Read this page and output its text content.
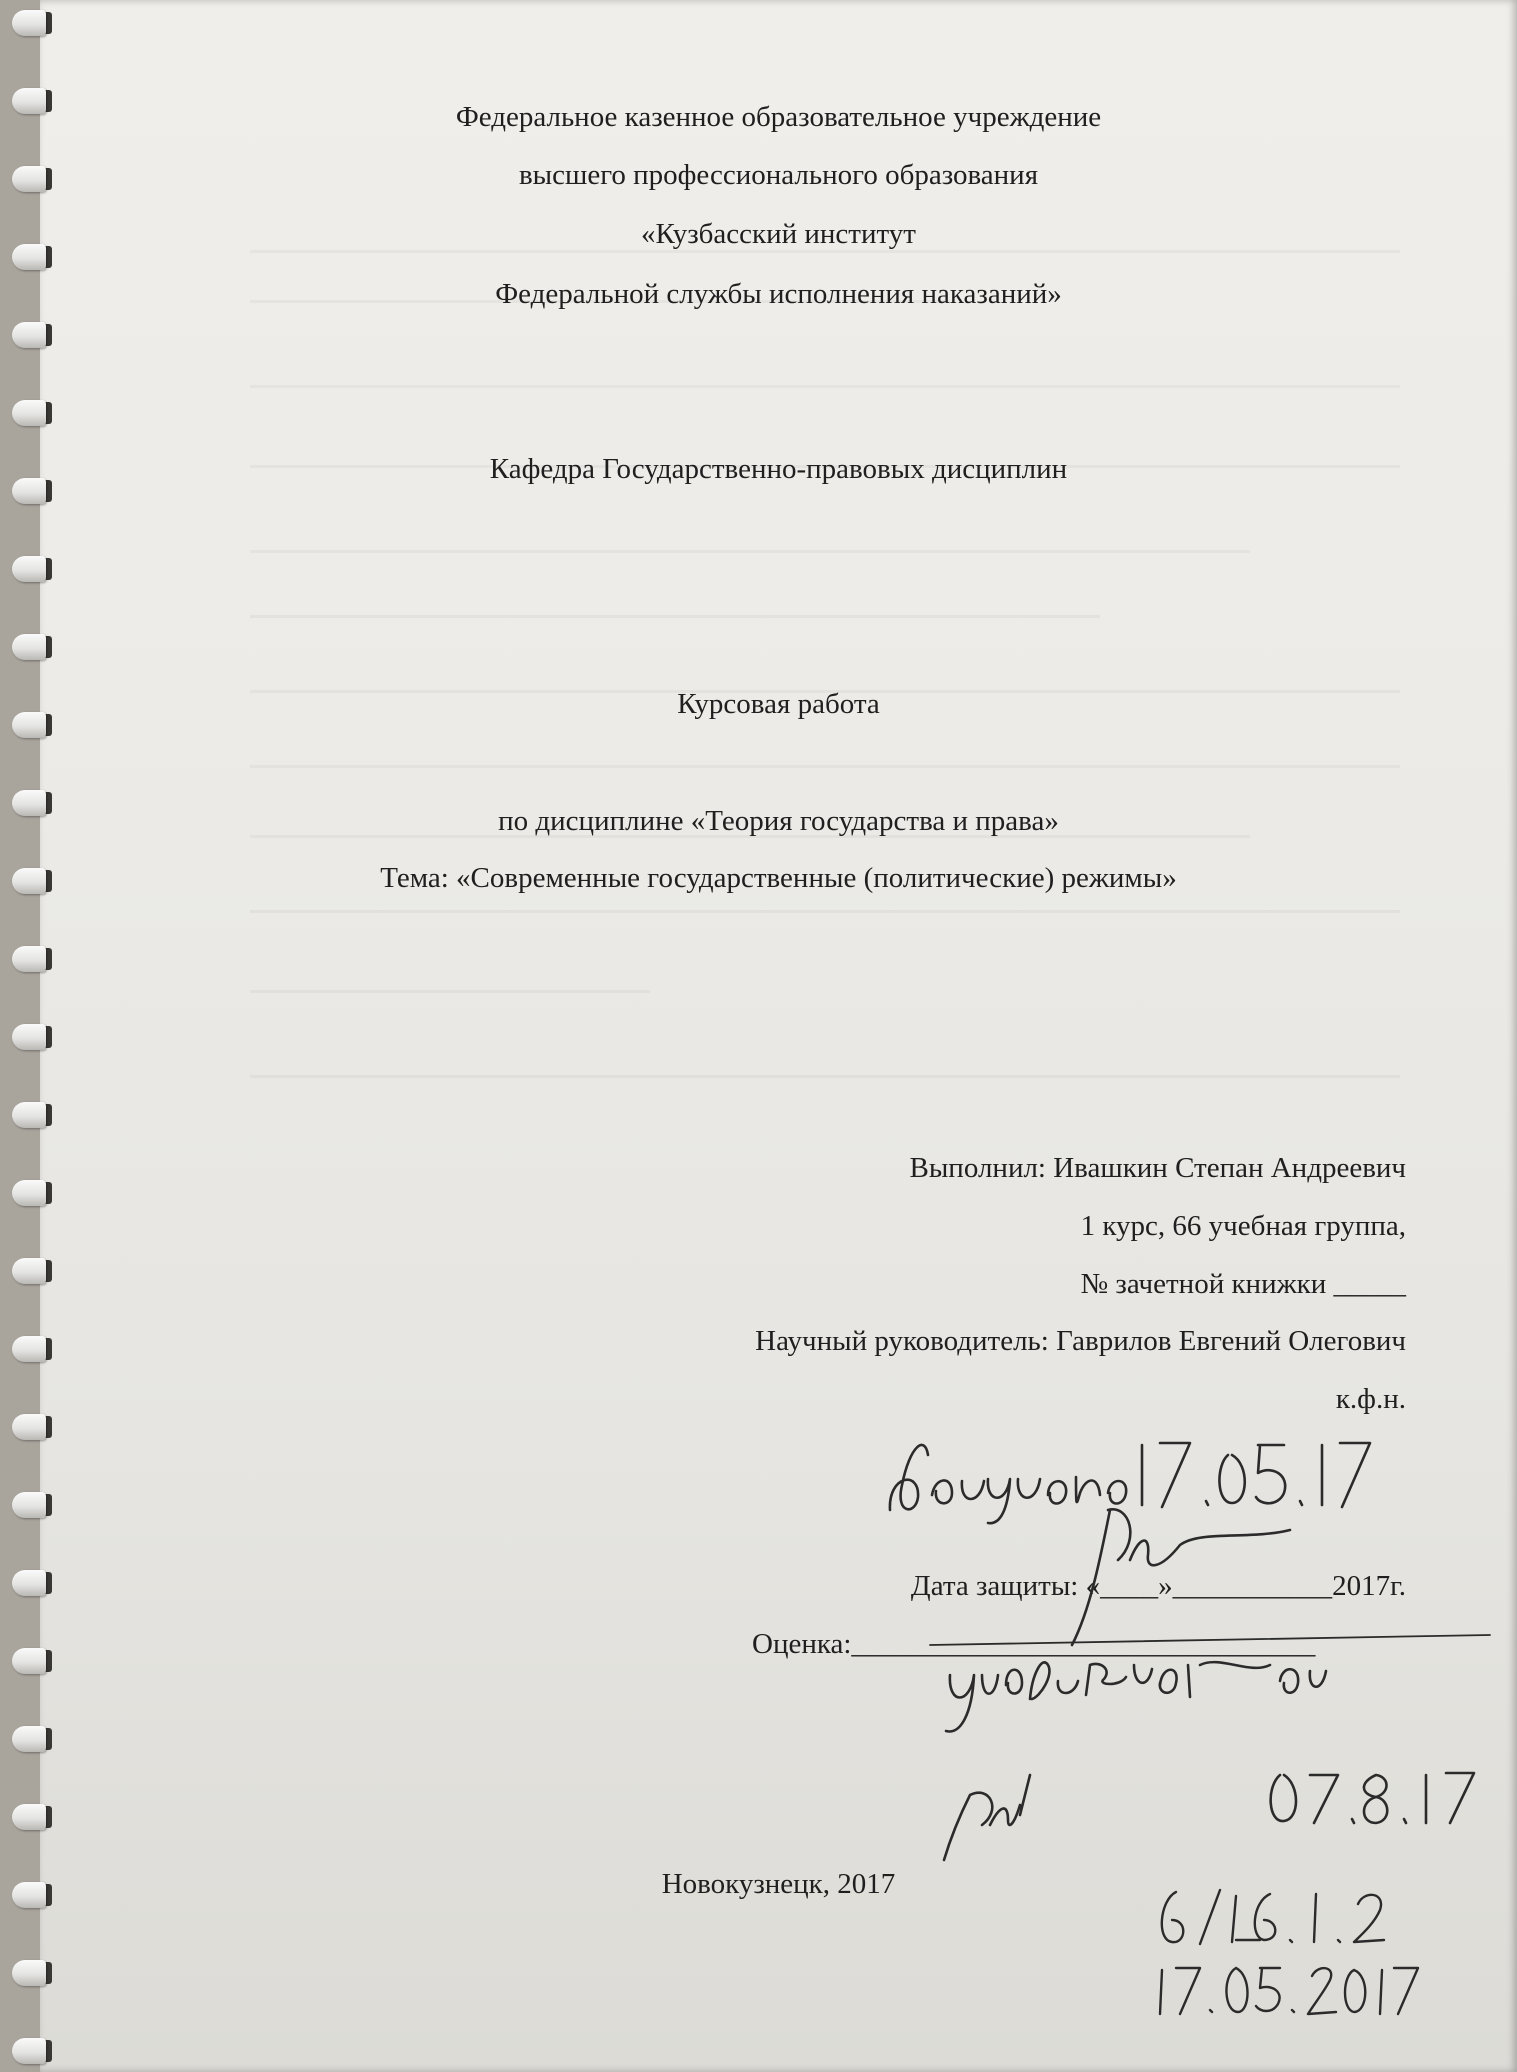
Федеральное казенное образовательное учреждение
высшего профессионального образования
«Кузбасский институт
Федеральной службы исполнения наказаний»
Кафедра Государственно-правовых дисциплин
Курсовая работа
по дисциплине «Теория государства и права»
Тема: «Современные государственные (политические) режимы»
Выполнил: Ивашкин Степан Андреевич
1 курс, 66 учебная группа,
№ зачетной книжки _____
Научный руководитель: Гаврилов Евгений Олегович
к.ф.н.
Дата защиты: «____»___________2017г.
Оценка:________________________________
Новокузнецк, 2017
